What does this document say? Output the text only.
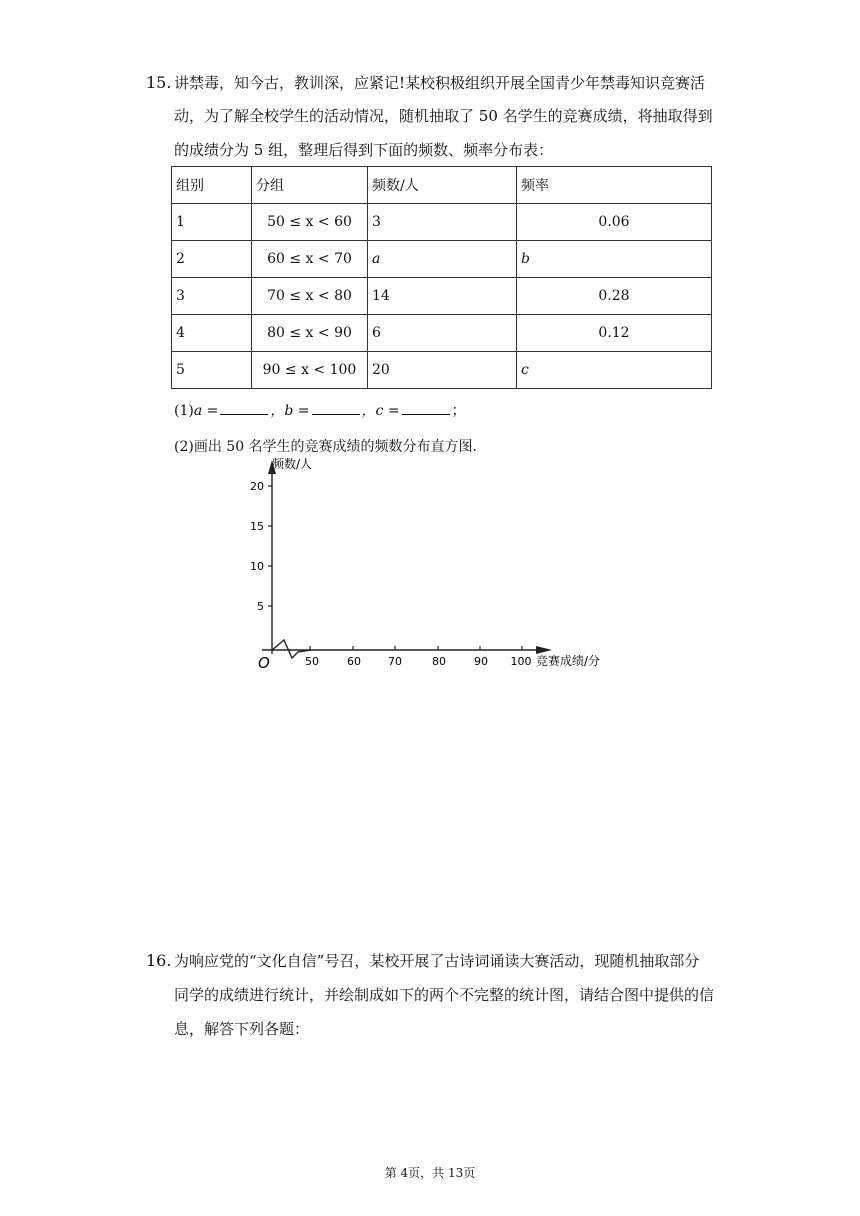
15. 讲禁毒，知今古，教训深，应紧记!某校积极组织开展全国青少年禁毒知识竞赛活
动，为了解全校学生的活动情况，随机抽取了 50 名学生的竞赛成绩，将抽取得到
的成绩分为 5 组，整理后得到下面的频数、频率分布表：
组别	分组	频数/人	频率
1	50 ≤ x < 60	3	0.06
2	60 ≤ x < 70	a	b
3	70 ≤ x < 80	14	0.28
4	80 ≤ x < 90	6	0.12
5	90 ≤ x < 100	20	c
(1)a =	，b =	，c =	；
(2)画出 50 名学生的竞赛成绩的频数分布直方图.
频数/人
竞赛成绩/分
O
20
15
10
5
50	60 70	80	90 100
16. 为响应党的“文化自信”号召，某校开展了古诗词诵读大赛活动，现随机抽取部分
同学的成绩进行统计，并绘制成如下的两个不完整的统计图，请结合图中提供的信
息，解答下列各题：
第 4页，共 13页
